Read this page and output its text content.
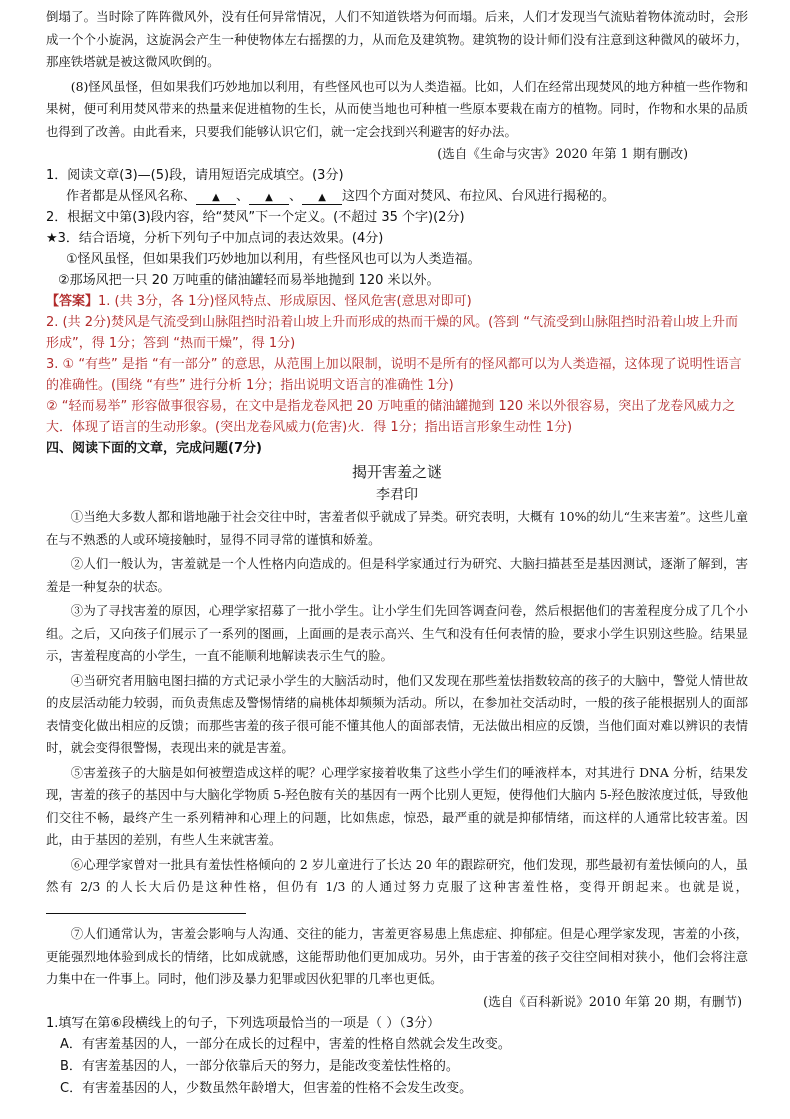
倒塌了。当时除了阵阵微风外，没有任何异常情况，人们不知道铁塔为何而塌。后来，人们才发现当气流贴着物体流动时，会形成一个个小旋涡，这旋涡会产生一种使物体左右摇摆的力，从而危及建筑物。建筑物的设计师们没有注意到这种微风的破坏力，那座铁塔就是被这微风吹倒的。

(8)怪风虽怪，但如果我们巧妙地加以利用，有些怪风也可以为人类造福。比如，人们在经常出现焚风的地方种植一些作物和果树，便可利用焚风带来的热量来促进植物的生长，从而使当地也可种植一些原本要栽在南方的植物。同时，作物和水果的品质也得到了改善。由此看来，只要我们能够认识它们，就一定会找到兴利避害的好办法。

(选自《生命与灾害》2020 年第 1 期有删改)

1．阅读文章(3)—(5)段，请用短语完成填空。(3分)

作者都是从怪风名称、 ▲ 、 ▲ 、 ▲ 这四个方面对焚风、布拉风、台风进行揭秘的。

2．根据文中第(3)段内容，给“焚风”下一个定义。(不超过 35 个字)(2分)

★3．结合语境，分析下列句子中加点词的表达效果。(4分)

①怪风虽怪，但如果我们巧妙地加以利用，有些怪风也可以为人类造福。

②那场风把一只 20 万吨重的储油罐轻而易举地抛到 120 米以外。

【答案】1. (共 3分，各 1分)怪风特点、形成原因、怪风危害(意思对即可)

2. (共 2分)焚风是气流受到山脉阻挡时沿着山坡上升而形成的热而干燥的风。(答到 “气流受到山脉阻挡时沿着山坡上升而形成”，得 1分；答到 “热而干燥”，得 1分)

3. ① “有些” 是指 “有一部分” 的意思，从范围上加以限制，说明不是所有的怪风都可以为人类造福，这体现了说明性语言的准确性。(围绕 “有些” 进行分析 1分；指出说明文语言的准确性 1分)

② “轻而易举” 形容做事很容易，在文中是指龙卷风把 20 万吨重的储油罐抛到 120 米以外很容易，突出了龙卷风威力之大．体现了语言的生动形象。(突出龙卷风威力(危害)火．得 1分；指出语言形象生动性 1分)

四、阅读下面的文章，完成问题(7分)

揭开害羞之谜

李君印

①当绝大多数人都和谐地融于社会交往中时，害羞者似乎就成了异类。研究表明，大概有 10%的幼儿“生来害羞”。这些儿童在与不熟悉的人或环境接触时，显得不同寻常的谨慎和娇羞。

②人们一般认为，害羞就是一个人性格内向造成的。但是科学家通过行为研究、大脑扫描甚至是基因测试，逐渐了解到，害羞是一种复杂的状态。

③为了寻找害羞的原因，心理学家招募了一批小学生。让小学生们先回答调查问卷，然后根据他们的害羞程度分成了几个小组。之后，又向孩子们展示了一系列的图画，上面画的是表示高兴、生气和没有任何表情的脸，要求小学生识别这些脸。结果显示，害羞程度高的小学生，一直不能顺利地解读表示生气的脸。

④当研究者用脑电图扫描的方式记录小学生的大脑活动时，他们又发现在那些羞怯指数较高的孩子的大脑中，警觉人情世故的皮层活动能力较弱，而负责焦虑及警惕情绪的扁桃体却频频为活动。所以，在参加社交活动时，一般的孩子能根据别人的面部表情变化做出相应的反馈；而那些害羞的孩子很可能不懂其他人的面部表情，无法做出相应的反馈，当他们面对难以辨识的表情时，就会变得很警惕，表现出来的就是害羞。

⑤害羞孩子的大脑是如何被塑造成这样的呢？心理学家接着收集了这些小学生们的唾液样本，对其进行 DNA 分析，结果发现，害羞的孩子的基因中与大脑化学物质 5-羟色胺有关的基因有一两个比别人更短，使得他们大脑内 5-羟色胺浓度过低，导致他们交往不畅，最终产生一系列精神和心理上的问题，比如焦虑，惊恐，最严重的就是抑郁情绪，而这样的人通常比较害羞。因此，由于基因的差别，有些人生来就害羞。

⑥心理学家曾对一批具有羞怯性格倾向的 2 岁儿童进行了长达 20 年的跟踪研究，他们发现，那些最初有羞怯倾向的人，虽然有 2/3 的人长大后仍是这种性格，但仍有 1/3 的人通过努力克服了这种害羞性格，变得开朗起来。也就是说，

⑦人们通常认为，害羞会影响与人沟通、交往的能力，害羞更容易患上焦虑症、抑郁症。但是心理学家发现，害羞的小孩，更能强烈地体验到成长的情绪，比如成就感，这能帮助他们更加成功。另外，由于害羞的孩子交往空间相对狭小，他们会将注意力集中在一件事上。同时，他们涉及暴力犯罪或因伙犯罪的几率也更低。

(选自《百科新说》2010 年第 20 期，有删节)

1.填写在第⑥段横线上的句子，下列选项最恰当的一项是（ ）（3分）

A．有害羞基因的人，一部分在成长的过程中，害羞的性格自然就会发生改变。

B．有害羞基因的人，一部分依靠后天的努力，是能改变羞怯性格的。

C．有害羞基因的人，少数虽然年龄增大，但害羞的性格不会发生改变。
